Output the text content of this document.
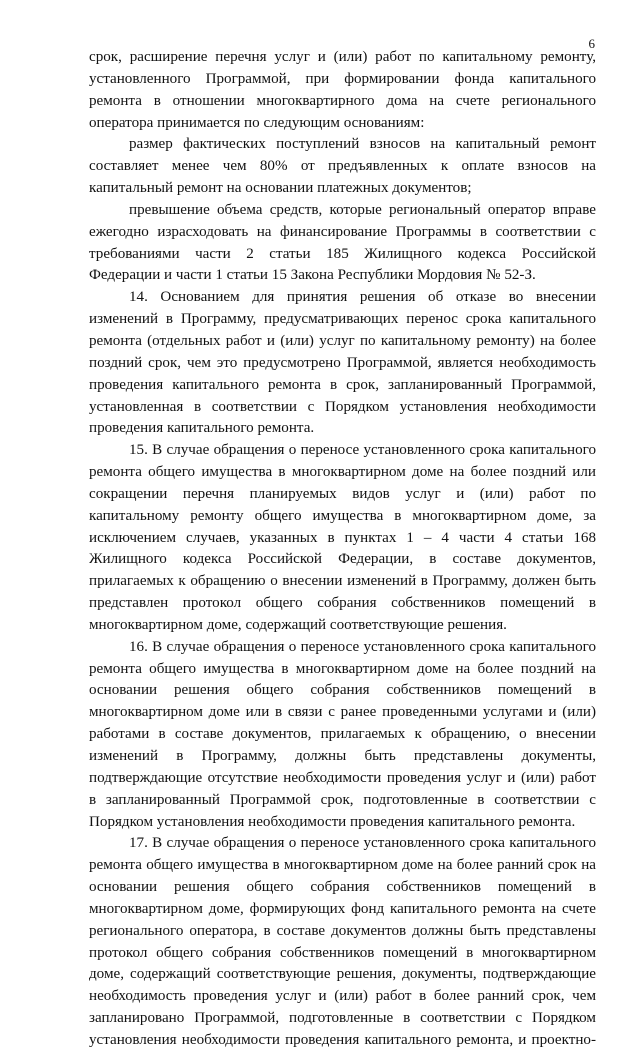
6
срок, расширение перечня услуг и (или) работ по капитальному ремонту,
установленного Программой, при формировании фонда капитального
ремонта в отношении многоквартирного дома на счете регионального
оператора принимается по следующим основаниям:
размер фактических поступлений взносов на капитальный ремонт
составляет менее чем 80% от предъявленных к оплате взносов на
капитальный ремонт на основании платежных документов;
превышение объема средств, которые региональный оператор вправе
ежегодно израсходовать на финансирование Программы в соответствии с
требованиями части 2 статьи 185 Жилищного кодекса Российской
Федерации и части 1 статьи 15 Закона Республики Мордовия № 52-З.
14. Основанием для принятия решения об отказе во внесении
изменений в Программу, предусматривающих перенос срока капитального
ремонта (отдельных работ и (или) услуг по капитальному ремонту) на более
поздний срок, чем это предусмотрено Программой, является необходимость
проведения капитального ремонта в срок, запланированный Программой,
установленная в соответствии с Порядком установления необходимости
проведения капитального ремонта.
15. В случае обращения о переносе установленного срока капитального
ремонта общего имущества в многоквартирном доме на более поздний или
сокращении перечня планируемых видов услуг и (или) работ по
капитальному ремонту общего имущества в многоквартирном доме, за
исключением случаев, указанных в пунктах 1 – 4 части 4 статьи 168
Жилищного кодекса Российской Федерации, в составе документов,
прилагаемых к обращению о внесении изменений в Программу, должен быть
представлен протокол общего собрания собственников помещений в
многоквартирном доме, содержащий соответствующие решения.
16. В случае обращения о переносе установленного срока капитального
ремонта общего имущества в многоквартирном доме на более поздний на
основании решения общего собрания собственников помещений в
многоквартирном доме или в связи с ранее проведенными услугами и (или)
работами в составе документов, прилагаемых к обращению, о внесении
изменений в Программу, должны быть представлены документы,
подтверждающие отсутствие необходимости проведения услуг и (или) работ
в запланированный Программой срок, подготовленные в соответствии с
Порядком установления необходимости проведения капитального ремонта.
17. В случае обращения о переносе установленного срока капитального
ремонта общего имущества в многоквартирном доме на более ранний срок на
основании решения общего собрания собственников помещений в
многоквартирном доме, формирующих фонд капитального ремонта на счете
регионального оператора, в составе документов должны быть представлены
протокол общего собрания собственников помещений в многоквартирном
доме, содержащий соответствующие решения, документы, подтверждающие
необходимость проведения услуг и (или) работ в более ранний срок, чем
запланировано Программой, подготовленные в соответствии с Порядком
установления необходимости проведения капитального ремонта, и проектно-
